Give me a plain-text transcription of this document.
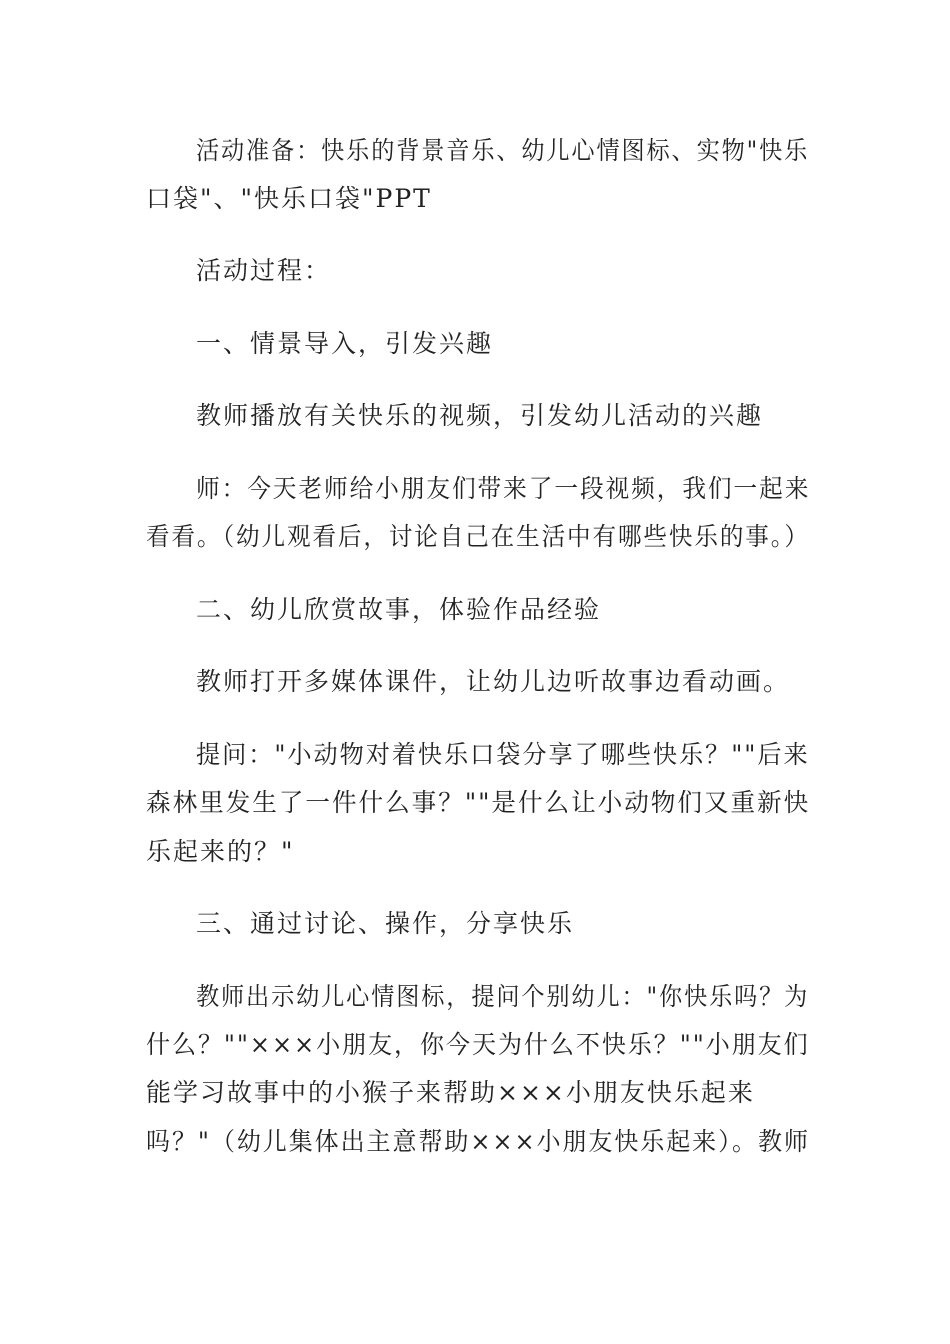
活动准备：快乐的背景音乐、幼儿心情图标、实物"快乐
口袋"、"快乐口袋"PPT
活动过程：
一、情景导入，引发兴趣
教师播放有关快乐的视频，引发幼儿活动的兴趣
师：今天老师给小朋友们带来了一段视频，我们一起来
看看。（幼儿观看后，讨论自己在生活中有哪些快乐的事。）
二、幼儿欣赏故事，体验作品经验
教师打开多媒体课件，让幼儿边听故事边看动画。
提问："小动物对着快乐口袋分享了哪些快乐？""后来
森林里发生了一件什么事？""是什么让小动物们又重新快
乐起来的？"
三、通过讨论、操作，分享快乐
教师出示幼儿心情图标，提问个别幼儿："你快乐吗？为
什么？""×××小朋友，你今天为什么不快乐？""小朋友们
能学习故事中的小猴子来帮助×××小朋友快乐起来
吗？"（幼儿集体出主意帮助×××小朋友快乐起来）。教师
